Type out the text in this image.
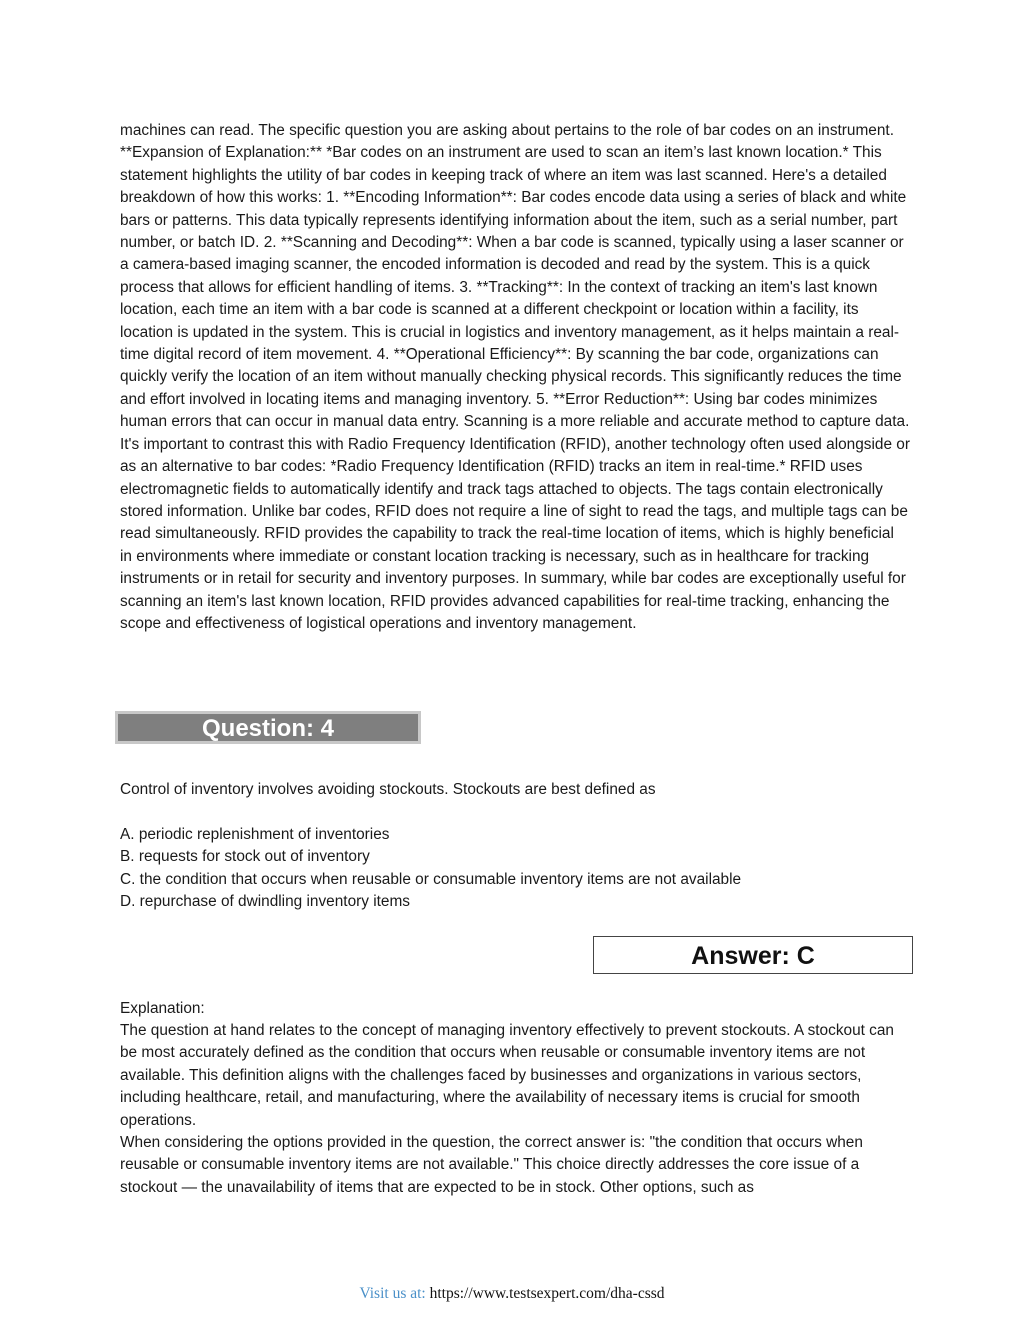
machines can read. The specific question you are asking about pertains to the role of bar codes on an instrument. **Expansion of Explanation:** *Bar codes on an instrument are used to scan an item’s last known location.* This statement highlights the utility of bar codes in keeping track of where an item was last scanned. Here's a detailed breakdown of how this works: 1. **Encoding Information**: Bar codes encode data using a series of black and white bars or patterns. This data typically represents identifying information about the item, such as a serial number, part number, or batch ID. 2. **Scanning and Decoding**: When a bar code is scanned, typically using a laser scanner or a camera-based imaging scanner, the encoded information is decoded and read by the system. This is a quick process that allows for efficient handling of items. 3. **Tracking**: In the context of tracking an item's last known location, each time an item with a bar code is scanned at a different checkpoint or location within a facility, its location is updated in the system. This is crucial in logistics and inventory management, as it helps maintain a real-time digital record of item movement. 4. **Operational Efficiency**: By scanning the bar code, organizations can quickly verify the location of an item without manually checking physical records. This significantly reduces the time and effort involved in locating items and managing inventory. 5. **Error Reduction**: Using bar codes minimizes human errors that can occur in manual data entry. Scanning is a more reliable and accurate method to capture data. It's important to contrast this with Radio Frequency Identification (RFID), another technology often used alongside or as an alternative to bar codes: *Radio Frequency Identification (RFID) tracks an item in real-time.* RFID uses electromagnetic fields to automatically identify and track tags attached to objects. The tags contain electronically stored information. Unlike bar codes, RFID does not require a line of sight to read the tags, and multiple tags can be read simultaneously. RFID provides the capability to track the real-time location of items, which is highly beneficial in environments where immediate or constant location tracking is necessary, such as in healthcare for tracking instruments or in retail for security and inventory purposes. In summary, while bar codes are exceptionally useful for scanning an item's last known location, RFID provides advanced capabilities for real-time tracking, enhancing the scope and effectiveness of logistical operations and inventory management.

Question: 4

Control of inventory involves avoiding stockouts. Stockouts are best defined as

A. periodic replenishment of inventories
B. requests for stock out of inventory
C. the condition that occurs when reusable or consumable inventory items are not available
D. repurchase of dwindling inventory items
Answer: C

Explanation:

The question at hand relates to the concept of managing inventory effectively to prevent stockouts. A stockout can be most accurately defined as the condition that occurs when reusable or consumable inventory items are not available. This definition aligns with the challenges faced by businesses and organizations in various sectors, including healthcare, retail, and manufacturing, where the availability of necessary items is crucial for smooth operations.

When considering the options provided in the question, the correct answer is: "the condition that occurs when reusable or consumable inventory items are not available." This choice directly addresses the core issue of a stockout — the unavailability of items that are expected to be in stock. Other options, such as

Visit us at: https://www.testsexpert.com/dha-cssd
